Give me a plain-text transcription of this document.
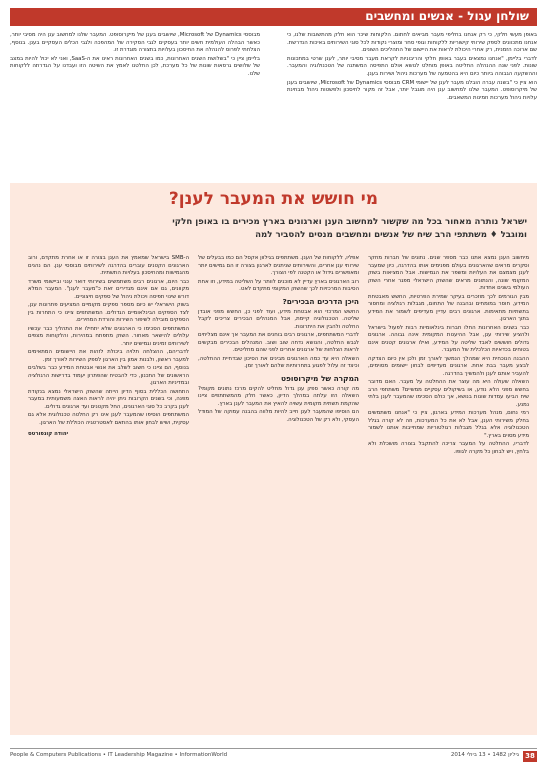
שולחן עגול - אנשים ומחשבים

באופן מעשי חלקי, כי רק אנחנו בחליפי מעבר מביאים לחתום. הלקוחות שיכר הוא חלק מהתשובות שלנו, כי אנחנו מתכוונים לספק שירותי קישוריות ללקוחות וגופי סחר ומוצרי נקודות לכל סוגי השירותים באיכות הנדרשת. שם ארוכה הזמנית, רק אחרי היכולת לראות את היישום של התהליכים השונים.

לדברי בליימן, "אנחנו נמצאים בעבר באופן חלקי והריבוניות לקראת מעבר מסיבי יותר, לענן שרטי במתכונות שונות. לפני שנה ההנהלה החליטה באופן מוחלט לנושא אולם התפיסה המשתנה של הטכנולוגיה והמעבר. וההשקעה הגבוהה ביותר כיום היא בהטמעה של מערכות ניהול ושירות בענן.

הוא ציין כי "בשנה עברה הובלנו מעבר לענן של יישומי CRM מבוססי Dynamics של Microsoft, שיושבים בענן של מיקרוסופט. המעבר שלנו למחשוב ענן היה מוגבל יותר, אבל זה מקור לחיסכון ולפשטות ניהול מבחינת עלויות ניהול מערכות וזמינות המשאבים.

מבוססי Dynamics של Microsoft, שיושבים בענן של מיקרוסופט. המעבר שלנו למחשוב ענן היה מסיבי יותר, כאשר הבהלה העולמית חשים יותר בעסקים לגבי הסקירה של המהפכה ולגבי הכלים העסקיים בענן. בנוסף, הצלחתי לפרוס להנהלה את החיסכון בעלויות בתצורה מוגדרת זו.

בליימן ציין כי "בשלושת השנים האחרונות, כמו בשנים האחרונות ראינו את ה-SaaS, ואני לא יכול להיות במצב של שלושים גרסאות שונות של כל מערכת, לכן החלטנו לאמץ את השיטה הזו ועבדנו על הגדרתה ללקוחות שלנו.

מי חושש את המעבר לענן?
ישראל נותרה מאחור בכל מה שקשור למחשוב הענן וארגונים בארץ מכירים בו באופן חלקי
ומוגבל ♦ משתתפי הרב שיח של אנשים ומחשבים מנסים להסביר למה

מיחשוב הענן נמצא אתנו כבר מספר שנים. נתונים של חברות מחקר וסקרים מראים שהארגונים בעולם מפנימים אותו בהדרגה, כיון שמעבר לענן מצמצם את העלויות ומשפר את הגמישות. אבל המציאות בשוק המקומי שונה, והנתונים מראים שהשוק הישראלי מפגר אחרי השוק העולמי בשנים אחדות.

מבין הגורמים לכך מוזכרים בעיקר שמירת הפרטיות, החשש מאבטחת המידע, חוסר במומחים ובהבנה של התחום, מגבלות רגולציה ומחסור בתשתיות מתאימות. ארגונים רבים עדיין מעדיפים לשמור את המידע בתוך הארגון.

כבר בשנים האחרונות החלו חברות בינלאומיות רבות לפעול בישראל ולהציע שירותי ענן, אבל ההיענות המקומית אינה גבוהה. ארגונים גדולים חוששים לאבד שליטה על המידע, ואילו ארגונים קטנים אינם בטוחים בכדאיות הכלכלית של המעבר.

ההבנה הנוכחית היא שמהלך הנמשך לאורך זמן ולכן אין כיום הצדקה לבצע מעבר בבת אחת. ארגונים מעדיפים לבחון יישומים מסוימים, להעביר אותם לענן ולהמשיך בהדרגה.

השאלה שעולה היא מה עוצר את ההחלטה על מעבר. האם מדובר בחשש מפני הלא נודע, או בשיקולים עסקיים ממשיים? משתתפי הרב שיח הביעו עמדות שונות בנושא, אך כולם הסכימו שהמעבר לענן בלתי נמנע.

רמי נחום, מנהל מערכות המידע בארגון, ציין כי "אנחנו משתמשים בחלק משירותי הענן, אבל לא את כל המערכות, וזה לא קורה בגלל הטכנולוגיה אלא בגלל מגבלות רגולטוריות שמחייבות אותנו לשמור מידע מסוים בארץ."

לדבריו, ההחלטה על המעבר צריכה להתקבל בצורה מושכלת ולא בלחץ, ויש לבחון כל מקרה לגופו.

אפליו, ללקוחות של הענן. משתתפים בגילוון אקסל הם כמו בבעלים של שירותי ענן אחרים, והשירותים שניתנים לארגון בצורה זו הם גמישים יותר ומאפשרים גידול או הקטנה לפי הצורך.

רוב הארגונים בארץ עדיין לא מוכנים לוותר על השליטה במידע, וזו אחת הסיבות המרכזיות לכך שהשוק המקומי מתקדם לאט.

היכן הדרכים הבכירים?

החשש המרכזי הוא אבטחת מידע, ועוד לפני כן, החשש מפני אובדן שליטה. הטכנולוגיה קיימת, אבל המנהלים הבכירים צריכים לקבל החלטה ולהבין את היתרונות.

לדברי המשתתפים, ארגונים רבים בוחנים את המעבר אך אינם מצליחים לגבש החלטה, והנושא נדחה שוב ושוב. המנהלים הבכירים מבקשים לראות הצלחות של ארגונים אחרים לפני שהם מחליטים.

השאלה היא עד כמה הארגונים מבינים את הסיכון שבדחיית ההחלטה, וכיצד זה עלול לפגוע בתחרותיות שלהם לאורך זמן.

המקרה של מיקרוסופט

מה קורה כאשר ספק ענן גדול מחליט להקים מרכז נתונים מקומי? השאלה הזו עלתה במהלך הדיון, כאשר חלק מהמשתתפים ציינו שהקמת תשתית מקומית עשויה להאיץ את המעבר לענן בארץ.

הם הוסיפו שהמעבר לענן חייב להיות מלווה בהבנה עמוקה של המודל העסקי, ולא רק של הטכנולוגיה.

ה-SMB בישראל שמאמץ את הענן בצורה זו או אחרת מתקדם, ורוב הארגונים הקטנים עוברים בהדרגה לשירותים מבוססי ענן. הם נהנים מהגמישות ומהחיסכון בעלויות התשתית.

כבר היום, ארגונים רבים משתמשים בשירותי דואר ענני וביישומי משרד מקוונים, גם אם אינם מגדירים זאת כ"מעבר לענן". המעבר המלא דורש שינוי תפיסה ויכולת ניהול של ספקים חיצוניים.

בשוק הישראלי יש כיום מספר ספקים מקומיים המציעים פתרונות ענן, לצד הספקים הבינלאומיים הגדולים. המשתתפים ציינו כי התחרות בין הספקים מובילה לשיפור השירות והורדת המחירים.

המשתתפים הסכימו כי הארגונים שלא יתחילו את התהליך כבר עכשיו עלולים להישאר מאחור. השוק מתפתח במהירות, והלקוחות מצפים לשירותים זמינים וגמישים יותר.

לדבריהם, ההצלחה תלויה ביכולת לזהות את היישומים המתאימים למעבר ראשון, ולבנות אמון בין הארגון לספק השירות לאורך זמן.

בנוסף, הם ציינו כי חשוב לשלב את אנשי אבטחת המידע כבר בשלבים הראשונים של התכנון, כדי להבטיח שהפתרון יעמוד בדרישות הרגולציה ובמדיניות הארגון.

התחושה הכללית בסוף הדיון הייתה שהשוק הישראלי נמצא בנקודת מפנה, וכי בשנים הקרובות ניתן יהיה לראות האצה משמעותית במעבר לענן בקרב כל סוגי הארגונים, החל מקטנים ועד ארגונים גדולים.

המשתתפים הוסיפו שהמעבר לענן אינו רק החלטה טכנולוגית אלא גם עסקית, ושיש לבחון אותו בהתאם לאסטרטגיה הכוללת של הארגון.

יהודה קונפורטס
38
גיליון 1482 • 13 ביולי 2014
People & Computers Publications • IT Leadership Magazine • InformationWorld
